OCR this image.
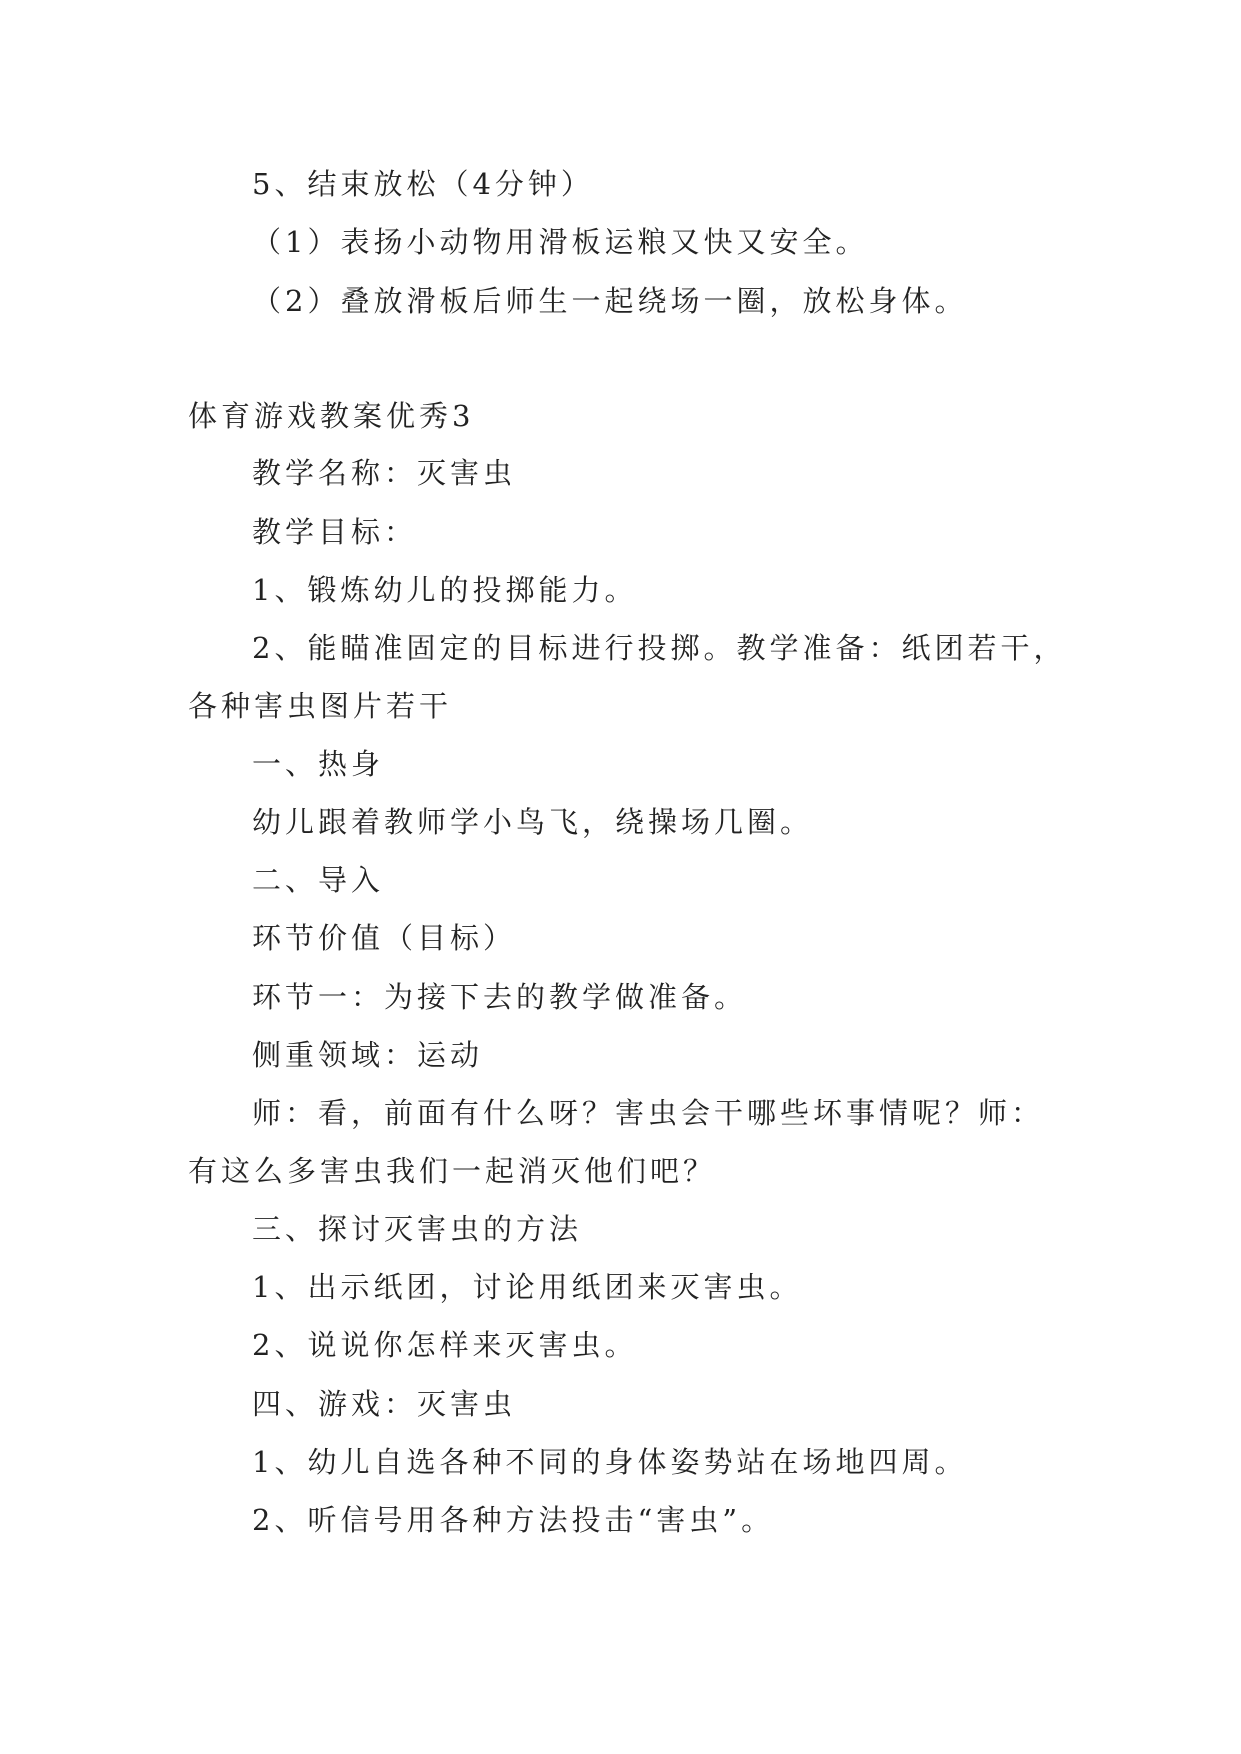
5、结束放松（4分钟）
（1）表扬小动物用滑板运粮又快又安全。
（2）叠放滑板后师生一起绕场一圈，放松身体。
体育游戏教案优秀3
教学名称：灭害虫
教学目标：
1、锻炼幼儿的投掷能力。
2、能瞄准固定的目标进行投掷。教学准备：纸团若干，
各种害虫图片若干
一、热身
幼儿跟着教师学小鸟飞，绕操场几圈。
二、导入
环节价值（目标）
环节一：为接下去的教学做准备。
侧重领域：运动
师：看，前面有什么呀？害虫会干哪些坏事情呢？师：
有这么多害虫我们一起消灭他们吧？
三、探讨灭害虫的方法
1、出示纸团，讨论用纸团来灭害虫。
2、说说你怎样来灭害虫。
四、游戏：灭害虫
1、幼儿自选各种不同的身体姿势站在场地四周。
2、听信号用各种方法投击“害虫”。
